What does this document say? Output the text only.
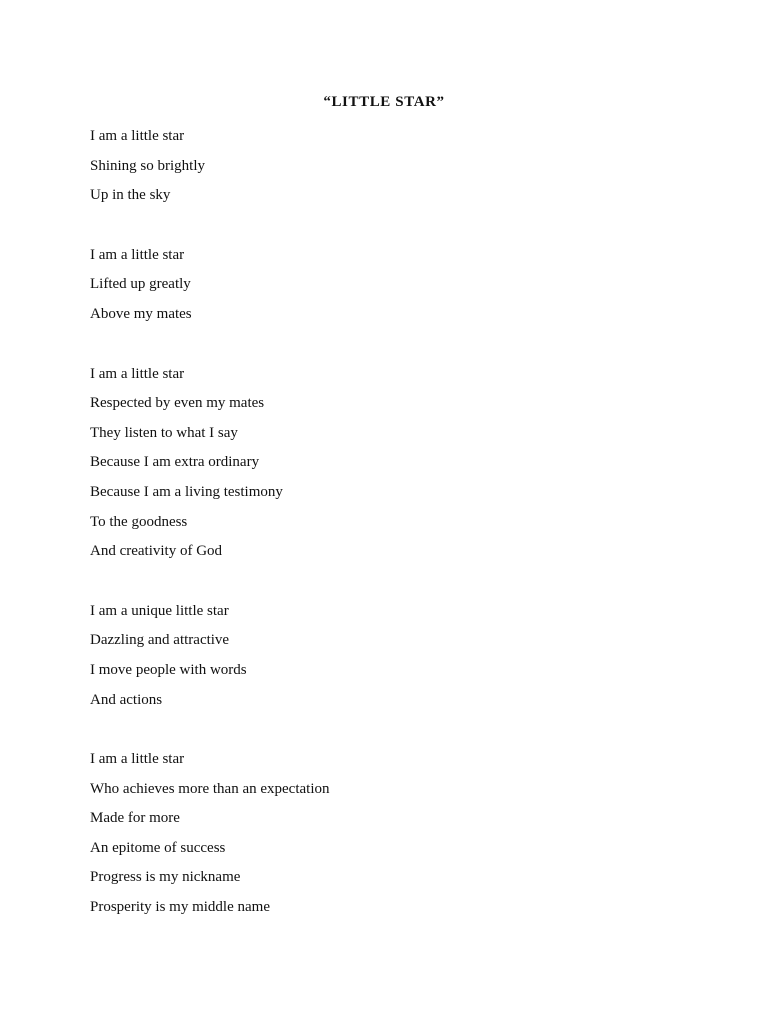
“LITTLE STAR”
I am a little star
Shining so brightly
Up in the sky
I am a little star
Lifted up greatly
Above my mates
I am a little star
Respected by even my mates
They listen to what I say
Because I am extra ordinary
Because I am a living testimony
To the goodness
And creativity of God
I am a unique little star
Dazzling and attractive
I move people with words
And actions
I am a little star
Who achieves more than an expectation
Made for more
An epitome of success
Progress is my nickname
Prosperity is my middle name
